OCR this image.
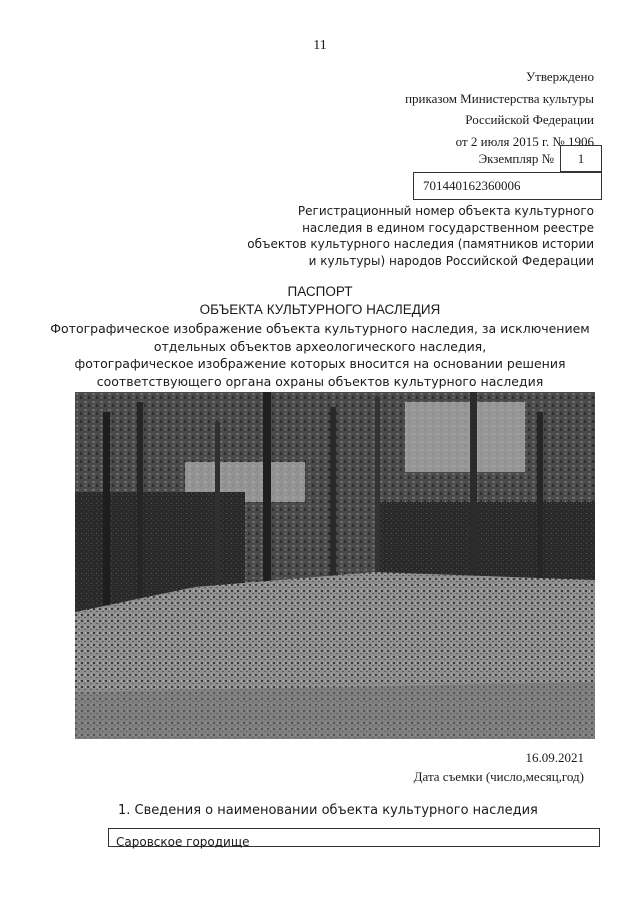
11
Утверждено
приказом Министерства культуры
Российской Федерации
от 2 июля 2015 г. № 1906
Экземпляр № 1
701440162360006
Регистрационный номер объекта культурного
наследия в едином государственном реестре
объектов культурного наследия (памятников истории
и культуры) народов Российской Федерации
ПАСПОРТ
ОБЪЕКТА КУЛЬТУРНОГО НАСЛЕДИЯ
Фотографическое изображение объекта культурного наследия, за исключением
отдельных объектов археологического наследия,
фотографическое изображение которых вносится на основании решения
соответствующего органа охраны объектов культурного наследия
16.09.2021
Дата съемки (число,месяц,год)
1. Сведения о наименовании объекта культурного наследия
Саровское городище
